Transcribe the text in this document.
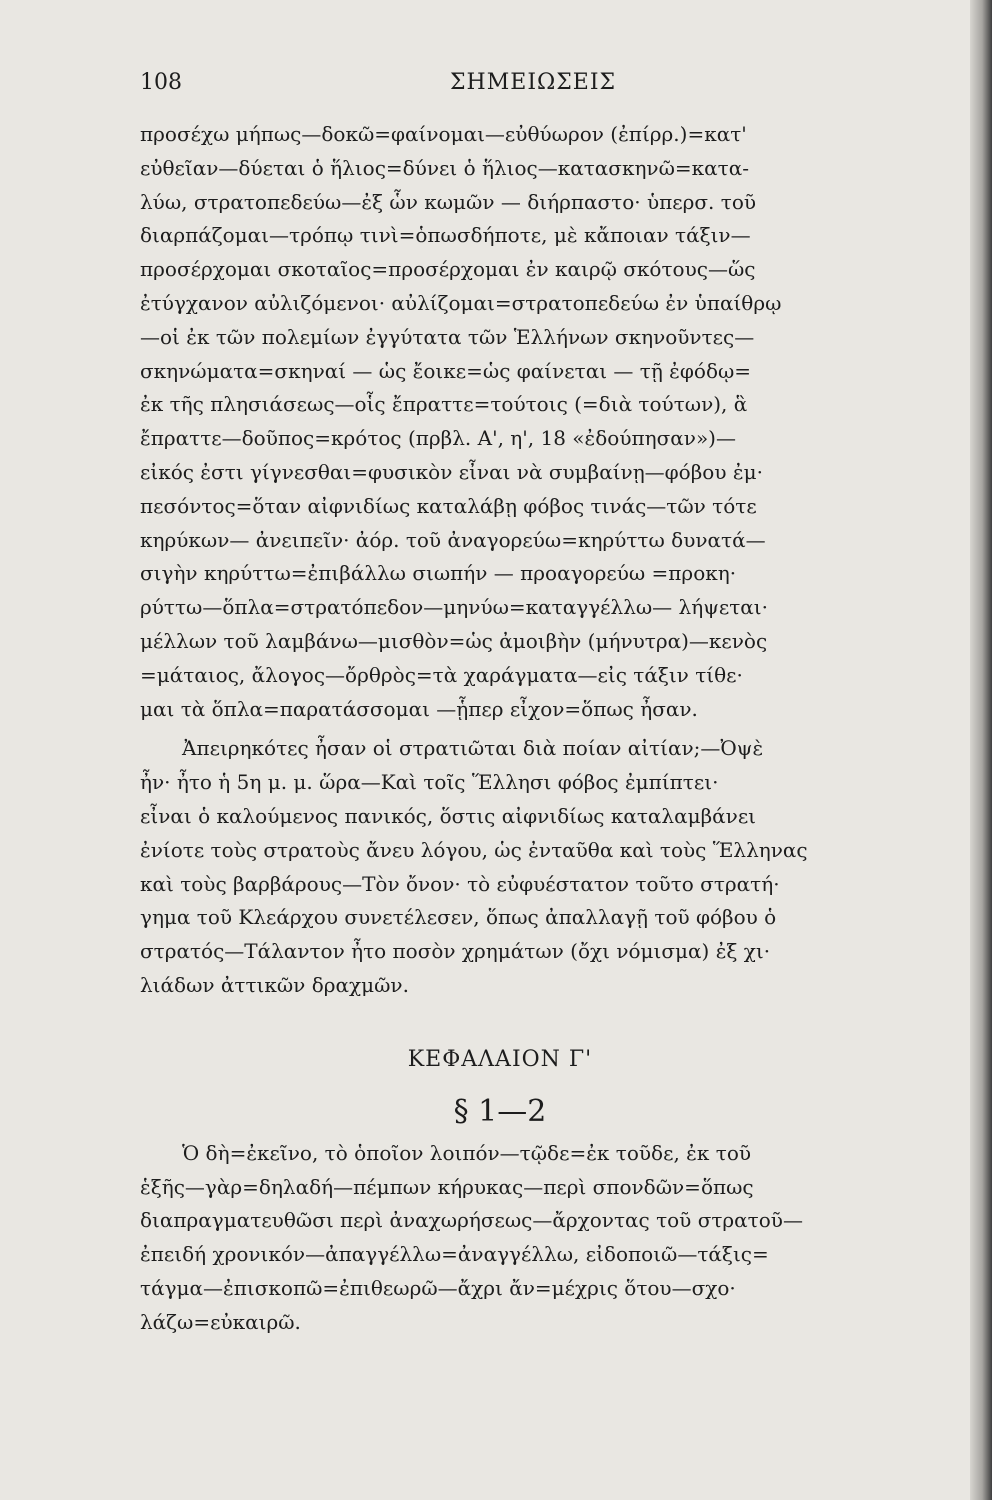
108	ΣΗΜΕΙΩΣΕΙΣ
προσέχω μήπως—δοκῶ=φαίνομαι—εὐθύωρον (ἐπίρρ.)=κατ'
εὐθεῖαν—δύεται ὁ ἥλιος=δύνει ὁ ἥλιος—κατασκηνῶ=κατα-
λύω, στρατοπεδεύω—ἐξ ὧν κωμῶν — διήρπαστο· ὑπερσ. τοῦ
διαρπάζομαι—τρόπῳ τινὶ=ὁπωσδήποτε, μὲ κἄποιαν τάξιν—
προσέρχομαι σκοταῖος=προσέρχομαι ἐν καιρῷ σκότους—ὥς
ἐτύγχανον αὐλιζόμενοι· αὐλίζομαι=στρατοπεδεύω ἐν ὑπαίθρῳ
—οἱ ἐκ τῶν πολεμίων ἐγγύτατα τῶν Ἑλλήνων σκηνοῦντες—
σκηνώματα=σκηναί — ὡς ἔοικε=ὡς φαίνεται — τῇ ἐφόδῳ=
ἐκ τῆς πλησιάσεως—οἷς ἔπραττε=τούτοις (=διὰ τούτων), ἃ
ἔπραττε—δοῦπος=κρότος (πρβλ. Α', η', 18 «ἐδούπησαν»)—
εἰκός ἐστι γίγνεσθαι=φυσικὸν εἶναι νὰ συμβαίνῃ—φόβου ἐμ·
πεσόντος=ὅταν αἰφνιδίως καταλάβῃ φόβος τινάς—τῶν τότε
κηρύκων— ἀνειπεῖν· ἀόρ. τοῦ ἀναγορεύω=κηρύττω δυνατά—
σιγὴν κηρύττω=ἐπιβάλλω σιωπήν — προαγορεύω =προκη·
ρύττω—ὅπλα=στρατόπεδον—μηνύω=καταγγέλλω— λήψεται·
μέλλων τοῦ λαμβάνω—μισθὸν=ὡς ἀμοιβὴν (μήνυτρα)—κενὸς
=μάταιος, ἄλογος—ὄρθρὸς=τὰ χαράγματα—εἰς τάξιν τίθε·
μαι τὰ ὅπλα=παρατάσσομαι —ᾗπερ εἶχον=ὅπως ἦσαν.
Ἀπειρηκότες ἦσαν οἱ στρατιῶται διὰ ποίαν αἰτίαν;—Ὀψὲ
ἦν· ἦτο ἡ 5η μ. μ. ὥρα—Καὶ τοῖς Ἕλλησι φόβος ἐμπίπτει·
εἶναι ὁ καλούμενος πανικός, ὅστις αἰφνιδίως καταλαμβάνει
ἐνίοτε τοὺς στρατοὺς ἄνευ λόγου, ὡς ἐνταῦθα καὶ τοὺς Ἕλληνας
καὶ τοὺς βαρβάρους—Τὸν ὄνον· τὸ εὐφυέστατον τοῦτο στρατή·
γημα τοῦ Κλεάρχου συνετέλεσεν, ὅπως ἀπαλλαγῇ τοῦ φόβου ὁ
στρατός—Τάλαντον ἦτο ποσὸν χρημάτων (ὄχι νόμισμα) ἐξ χι·
λιάδων ἀττικῶν δραχμῶν.
ΚΕΦΑΛΑΙΟΝ Γ'
§ 1—2
Ὁ δὴ=ἐκεῖνο, τὸ ὁποῖον λοιπόν—τῷδε=ἐκ τοῦδε, ἐκ τοῦ
ἑξῆς—γὰρ=δηλαδή—πέμπων κήρυκας—περὶ σπονδῶν=ὅπως
διαπραγματευθῶσι περὶ ἀναχωρήσεως—ἄρχοντας τοῦ στρατοῦ—
ἐπειδή χρονικόν—ἀπαγγέλλω=ἀναγγέλλω, εἰδοποιῶ—τάξις=
τάγμα—ἐπισκοπῶ=ἐπιθεωρῶ—ἄχρι ἄν=μέχρις ὅτου—σχο·
λάζω=εὐκαιρῶ.
